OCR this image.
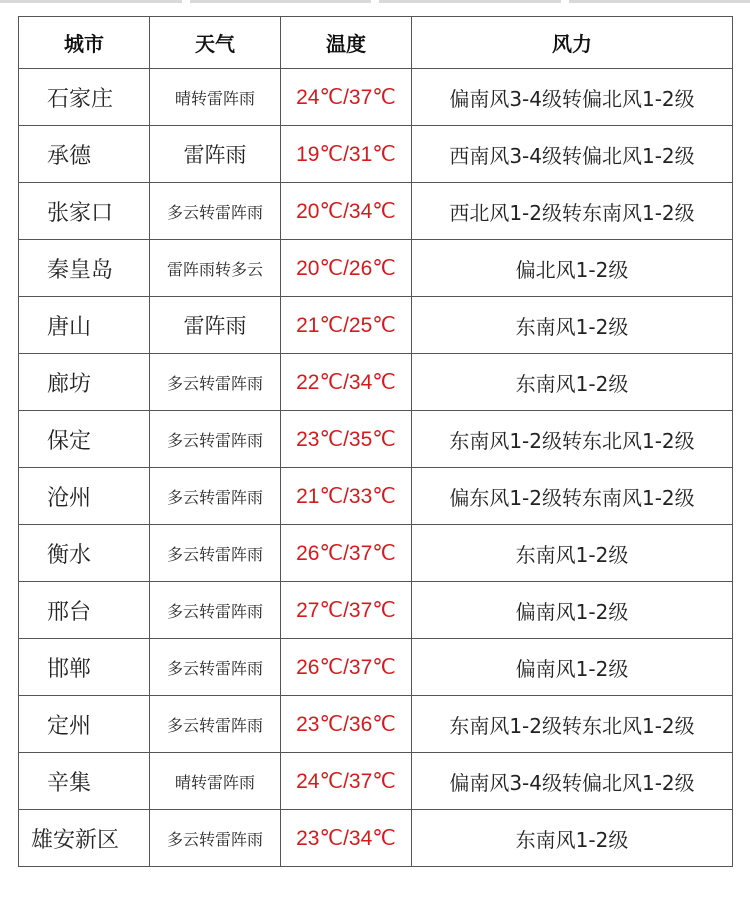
城市	天气	温度	风力
石家庄	晴转雷阵雨	24℃/37℃	偏南风3-4级转偏北风1-2级
承德	雷阵雨	19℃/31℃	西南风3-4级转偏北风1-2级
张家口	多云转雷阵雨	20℃/34℃	西北风1-2级转东南风1-2级
秦皇岛	雷阵雨转多云	20℃/26℃	偏北风1-2级
唐山	雷阵雨	21℃/25℃	东南风1-2级
廊坊	多云转雷阵雨	22℃/34℃	东南风1-2级
保定	多云转雷阵雨	23℃/35℃	东南风1-2级转东北风1-2级
沧州	多云转雷阵雨	21℃/33℃	偏东风1-2级转东南风1-2级
衡水	多云转雷阵雨	26℃/37℃	东南风1-2级
邢台	多云转雷阵雨	27℃/37℃	偏南风1-2级
邯郸	多云转雷阵雨	26℃/37℃	偏南风1-2级
定州	多云转雷阵雨	23℃/36℃	东南风1-2级转东北风1-2级
辛集	晴转雷阵雨	24℃/37℃	偏南风3-4级转偏北风1-2级
雄安新区	多云转雷阵雨	23℃/34℃	东南风1-2级
